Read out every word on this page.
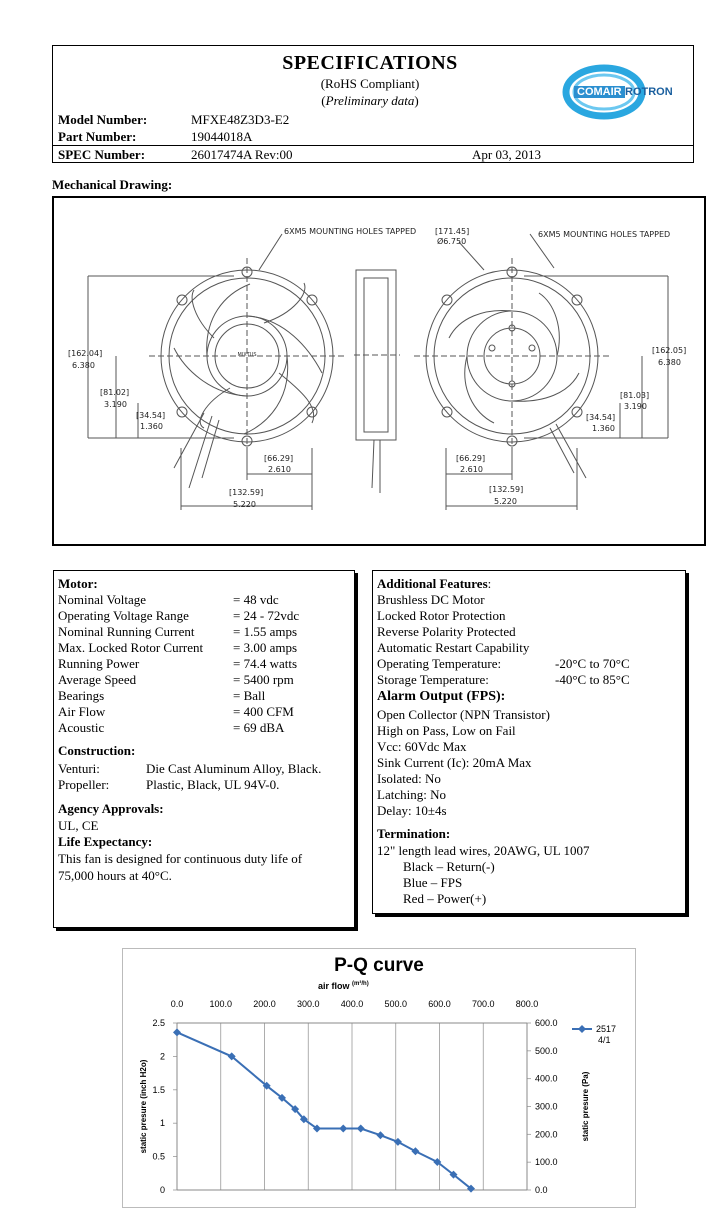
SPECIFICATIONS
(RoHS Compliant)
(Preliminary data)
COMAIR ROTRON
Model Number:	MFXE48Z3D3-E2
Part Number:	19044018A
SPEC Number:	26017474A Rev:00	Apr 03, 2013
Mechanical Drawing:
MIXTUS
6XM5 MOUNTING HOLES TAPPED [171.45]
Ø6.750
6XM5 MOUNTING HOLES TAPPED
[162.04]
6.380
[81.02]
3.190
[34.54]
1.360
[66.29]
2.610
[132.59]
5.220
[162.05]
6.380
[81.03]
3.190
[34.54]
1.360
[66.29]
2.610
[132.59]
5.220
Motor:
Nominal Voltage	= 48 vdc
Operating Voltage Range	= 24 - 72vdc
Nominal Running Current	= 1.55 amps
Max. Locked Rotor Current = 3.00 amps
Running Power	= 74.4 watts
Average Speed	= 5400 rpm
Bearings	= Ball
Air Flow	= 400 CFM
Acoustic	= 69 dBA
Construction:
Venturi:	Die Cast Aluminum Alloy, Black.
Propeller:	Plastic, Black, UL 94V-0.
Agency Approvals:
UL, CE
Life Expectancy:
This fan is designed for continuous duty life of
75,000 hours at 40°C.
Additional Features:
Brushless DC Motor
Locked Rotor Protection
Reverse Polarity Protected
Automatic Restart Capability
Operating Temperature:	-20°C to 70°C
Storage Temperature:	-40°C to 85°C
Alarm Output (FPS):
Open Collector (NPN Transistor)
High on Pass, Low on Fail
Vcc: 60Vdc Max
Sink Current (Ic): 20mA Max
Isolated: No
Latching: No
Delay: 10±4s
Termination:
12" length lead wires, 20AWG, UL 1007
Black – Return(-)
Blue – FPS
Red – Power(+)
P-Q curve
air flow $^{(m^3/h)}$
0.0	100.0 200.0 300.0 400.0 500.0 600.0 700.0 800.0
0
0.5
1
1.5
2
2.5
0.0
100.0
200.0
300.0
400.0
500.0
600.0
static presure (inch H2o)	static presure (Pa)
2517
4/1
